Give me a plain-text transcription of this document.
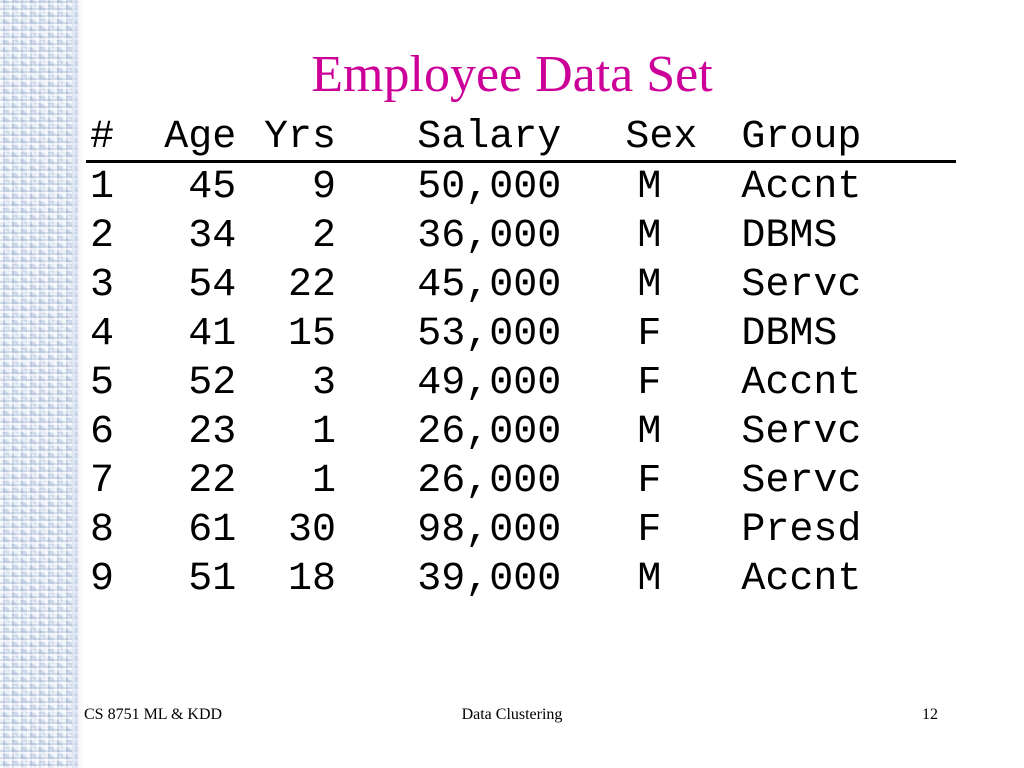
Employee Data Set
#	Age	Yrs	Salary	Sex	Group
1	45	9	50,000	M	Accnt
2	34	2	36,000	M	DBMS
3	54	22	45,000	M	Servc
4	41	15	53,000	F	DBMS
5	52	3	49,000	F	Accnt
6	23	1	26,000	M	Servc
7	22	1	26,000	F	Servc
8	61	30	98,000	F	Presd
9	51	18	39,000	M	Accnt
CS 8751 ML & KDD	Data Clustering	12
